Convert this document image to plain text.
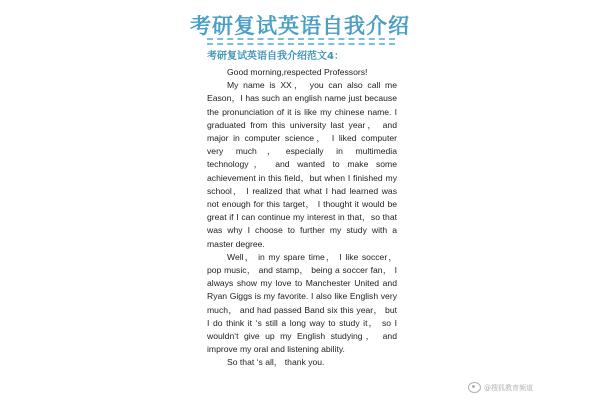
考研复试英语自我介绍
考研复试英语自我介绍范文4：

Good morning,respected Professors!

My name is XX， you can also call me Eason，I has such an english name just because the pronunciation of it is like my chinese name. I graduated from this university last year， and major in computer science， I liked computer very much，especially in multimedia technology， and wanted to make some achievement in this field，but when I finished my school， I realized that what I had learned was not enough for this target， I thought it would be great if I can continue my interest in that，so that was why I choose to further my study with a master degree.

Well， in my spare time， I like soccer， pop music， and stamp， being a soccer fan， I always show my love to Manchester United and Ryan Giggs is my favorite. I also like English very much， and had passed Band six this year， but I do think it ‘s still a long way to study it， so I wouldn‘t give up my English studying， and improve my oral and listening ability.

So that ‘s all， thank you.

@搜狐教育频道
